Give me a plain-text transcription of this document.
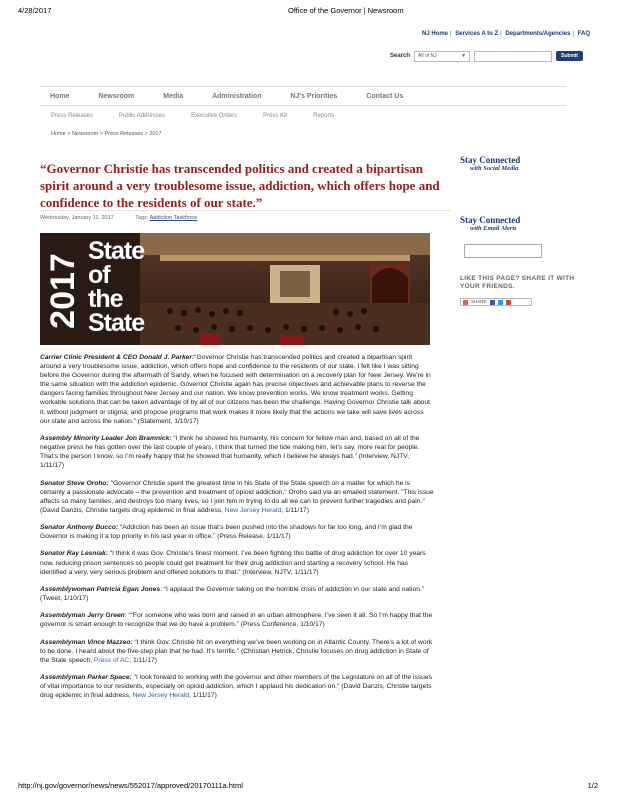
4/28/2017	Office of the Governor | Newsroom
NJ Home | Services A to Z | Departments/Agencies | FAQ
Search	All of NJ	▼	Submit
Home	Newsroom	Media	Administration	NJ's Priorities	Contact Us
Press Releases	Public Addresses	Executive Orders	Press Kit	Reports
Home > Newsroom > Press Releases > 2017
“Governor Christie has transcended politics and created a bipartisan spirit around a very troublesome issue, addiction, which offers hope and confidence to the residents of our state.”
Wednesday, January 11, 2017	Tags: Addiction Taskforce
2017
State
of
the
State
Stay Connected
with Social Media
Stay Connected
with Email Alerts
LIKE THIS PAGE? SHARE IT WITH YOUR FRIENDS.
SHARE

Carrier Clinic President & CEO Donald J. Parker:“Governor Christie has transcended politics and created a bipartisan spirit around a very troublesome issue, addiction, which offers hope and confidence to the residents of our state. I felt like I was sitting before the Governor during the aftermath of Sandy, when he focused with determination on a recovery plan for New Jersey. We’re in the same situation with the addiction epidemic. Governor Christie again has precise objectives and achievable plans to reverse the dangers facing families throughout New Jersey and our nation. We know prevention works. We know treatment works. Getting workable solutions that can be taken advantage of by all of our citizens has been the challenge. Having Governor Christie talk about it, without judgment or stigma, and propose programs that work makes it more likely that the actions we take will save lives across our state and across the nation.” (Statement, 1/10/17)

Assembly Minority Leader Jon Bramnick: “I think he showed his humanity, his concern for fellow man and, based on all of the negative press he has gotten over the last couple of years, I think that turned the tide making him, let’s say, more real for people. That’s the person I know, so I’m really happy that he showed that humanity, which I believe he always had.” (Interview, NJTV, 1/11/17)

Senator Steve Oroho: "Governor Christie spent the greatest time in his State of the State speech on a matter for which he is certainly a passionate advocate – the prevention and treatment of opioid addiction," Oroho said via an emailed statement. "This issue affects so many families, and destroys too many lives, so I join him in trying to do all we can to prevent further tragedies and pain." (David Danzis, Christie targets drug epidemic in final address, New Jersey Herald, 1/11/17)

Senator Anthony Bucco: “Addiction has been an issue that’s been pushed into the shadows for far too long, and I’m glad the Governor is making it a top priority in his last year in office.” (Press Release, 1/11/17)

Senator Ray Lesniak: “I think it was Gov. Christie’s finest moment. I’ve been fighting this battle of drug addiction for over 10 years now, reducing prison sentences so people could get treatment for their drug addiction and starting a recovery school. He has identified a very, very serious problem and offered solutions to that.” (Interview, NJTV, 1/11/17)

Assemblywoman Patricia Egan Jones: “I applaud the Governor taking on the horrible crisis of addiction in our state and nation.” (Tweet, 1/10/17)

Assemblyman Jerry Green: ““For someone who was born and raised in an urban atmosphere, I’ve seen it all. So I’m happy that the governor is smart enough to recognize that we do have a problem.” (Press Conference, 1/10/17)

Assemblyman Vince Mazzeo: “I think Gov. Christie hit on everything we’ve been working on in Atlantic County. There’s a lot of work to be done. I heard about the five-step plan that he had. It’s terrific.” (Christian Hetrick, Christie focuses on drug addiction in State of the State speech, Press of AC, 1/11/17)

Assemblyman Parker Space: "I look forward to working with the governor and other members of the Legislature on all of the issues of vital importance to our residents, especially on opioid addiction, which I applaud his dedication on." (David Danzis, Christie targets drug epidemic in final address, New Jersey Herald, 1/11/17)

http://nj.gov/governor/news/news/552017/approved/20170111a.html	1/2
